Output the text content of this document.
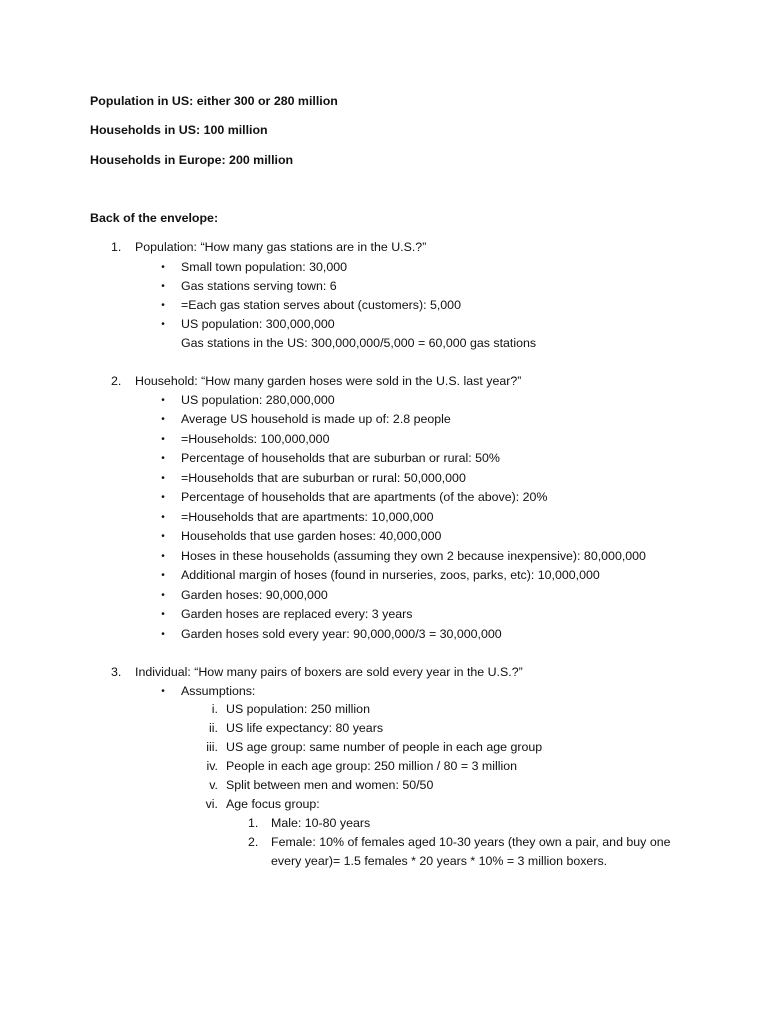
Population in US: either 300 or 280 million
Households in US: 100 million
Households in Europe: 200 million
Back of the envelope:
1. Population: “How many gas stations are in the U.S.?”
•	Small town population: 30,000
•	Gas stations serving town: 6
•	=Each gas station serves about (customers): 5,000
•	US population: 300,000,000
Gas stations in the US: 300,000,000/5,000 = 60,000 gas stations
2. Household: “How many garden hoses were sold in the U.S. last year?”
•	US population: 280,000,000
•	Average US household is made up of: 2.8 people
•	=Households: 100,000,000
•	Percentage of households that are suburban or rural: 50%
•	=Households that are suburban or rural: 50,000,000
•	Percentage of households that are apartments (of the above): 20%
•	=Households that are apartments: 10,000,000
•	Households that use garden hoses: 40,000,000
•	Hoses in these households (assuming they own 2 because inexpensive): 80,000,000
•	Additional margin of hoses (found in nurseries, zoos, parks, etc): 10,000,000
•	Garden hoses: 90,000,000
•	Garden hoses are replaced every: 3 years
•	Garden hoses sold every year: 90,000,000/3 = 30,000,000
3. Individual: “How many pairs of boxers are sold every year in the U.S.?”
•	Assumptions:
i. US population: 250 million
ii. US life expectancy: 80 years
iii. US age group: same number of people in each age group
iv. People in each age group: 250 million / 80 = 3 million
v. Split between men and women: 50/50
vi. Age focus group:
1. Male: 10-80 years
2. Female: 10% of females aged 10-30 years (they own a pair, and buy one
every year)= 1.5 females * 20 years * 10% = 3 million boxers.
